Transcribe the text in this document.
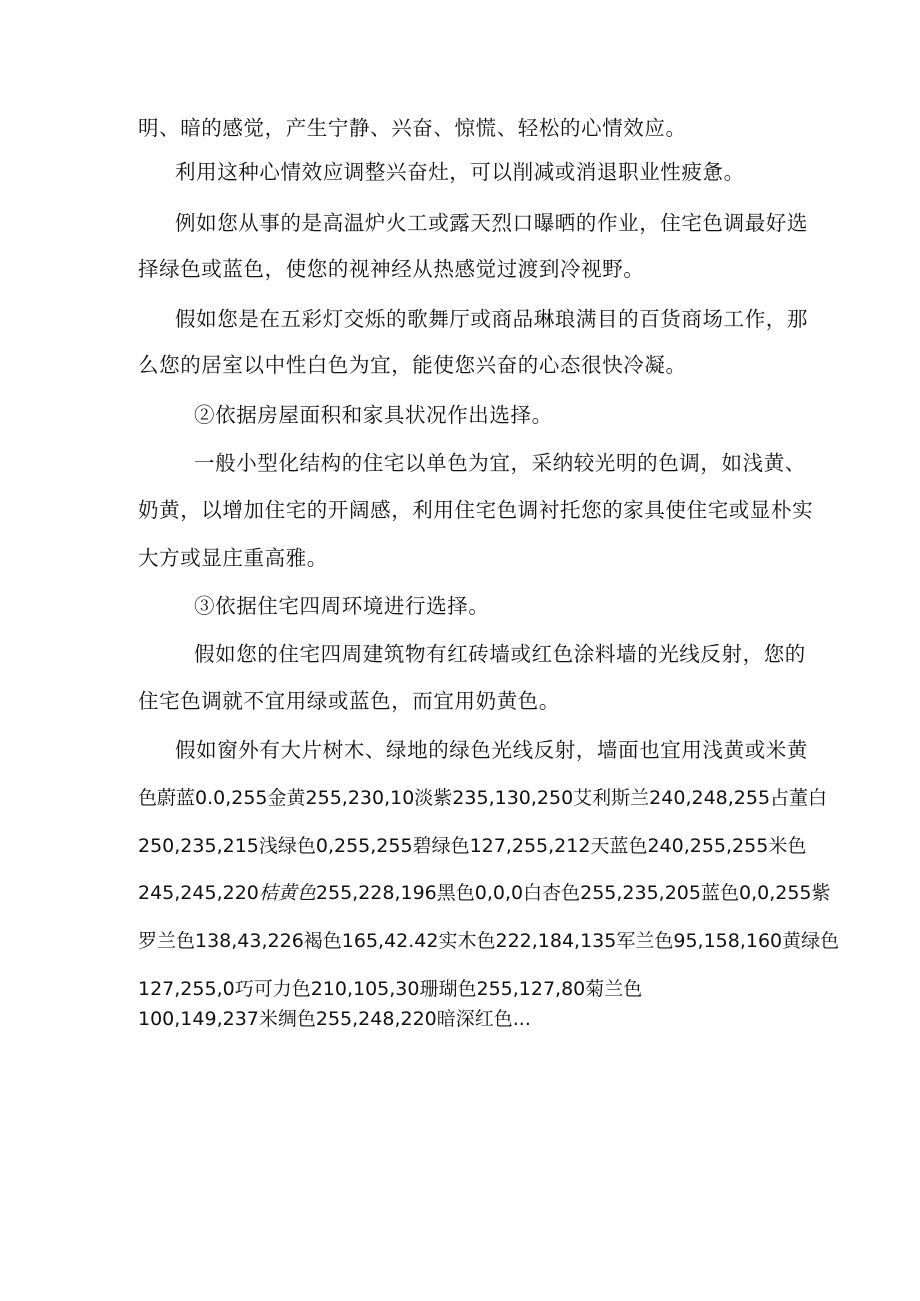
明、暗的感觉，产生宁静、兴奋、惊慌、轻松的心情效应。
利用这种心情效应调整兴奋灶，可以削减或消退职业性疲惫。
例如您从事的是高温炉火工或露天烈口曝晒的作业，住宅色调最好选
择绿色或蓝色，使您的视神经从热感觉过渡到冷视野。
假如您是在五彩灯交烁的歌舞厅或商品琳琅满目的百货商场工作，那
么您的居室以中性白色为宜，能使您兴奋的心态很快冷凝。
②依据房屋面积和家具状况作出选择。
一般小型化结构的住宅以单色为宜，采纳较光明的色调，如浅黄、
奶黄，以增加住宅的开阔感，利用住宅色调衬托您的家具使住宅或显朴实
大方或显庄重高雅。
③依据住宅四周环境进行选择。
假如您的住宅四周建筑物有红砖墙或红色涂料墙的光线反射，您的
住宅色调就不宜用绿或蓝色，而宜用奶黄色。
假如窗外有大片树木、绿地的绿色光线反射，墙面也宜用浅黄或米黄
色蔚蓝0.0,255金黄255,230,10淡紫235,130,250艾利斯兰240,248,255占董白
250,235,215浅绿色0,255,255碧绿色127,255,212天蓝色240,255,255米色
245,245,220桔黄色255,228,196黑色0,0,0白杏色255,235,205蓝色0,0,255紫
罗兰色138,43,226褐色165,42.42实木色222,184,135军兰色95,158,160黄绿色
127,255,0巧可力色210,105,30珊瑚色255,127,80菊兰色
100,149,237米绸色255,248,220暗深红色...
